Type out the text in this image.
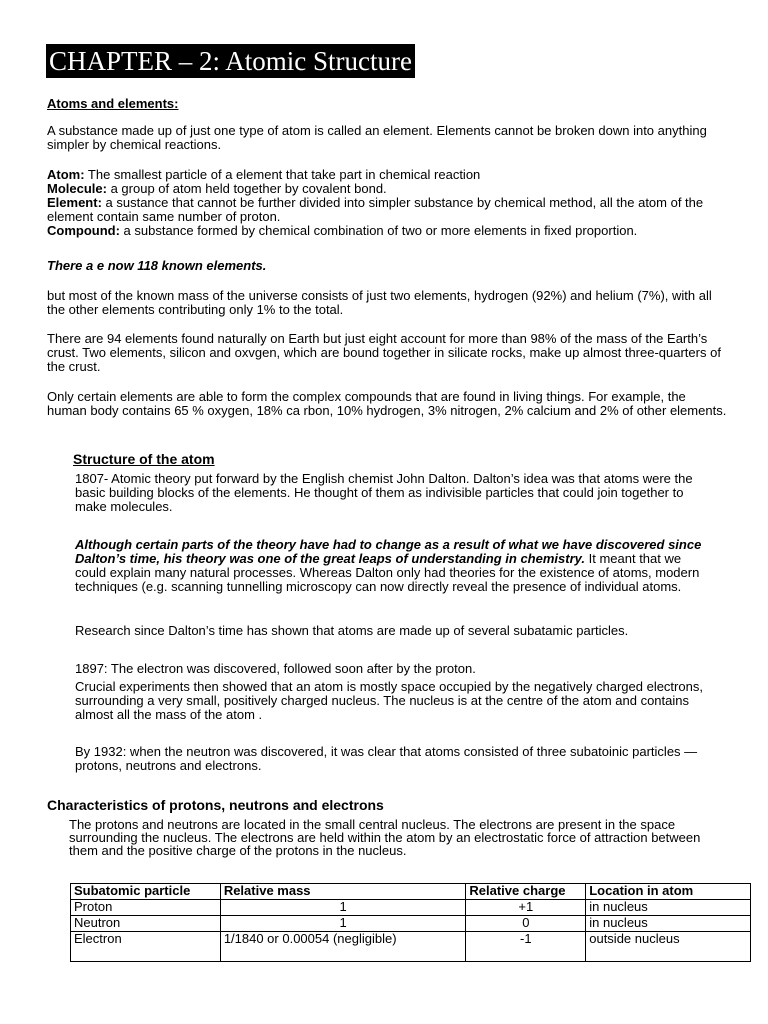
CHAPTER – 2: Atomic Structure
Atoms and elements:
A substance made up of just one type of atom is called an element. Elements cannot be broken down into anything simpler by chemical reactions.
Atom: The smallest particle of a element that take part in chemical reaction
Molecule: a group of atom held together by covalent bond.
Element: a sustance that cannot be further divided into simpler substance by chemical method, all the atom of the element contain same number of proton.
Compound: a substance formed by chemical combination of two or more elements in fixed proportion.
There a e now 118 known elements.
but most of the known mass of the universe consists of just two elements, hydrogen (92%) and helium (7%), with all the other elements contributing only 1% to the total.
There are 94 elements found naturally on Earth but just eight account for more than 98% of the mass of the Earth’s crust. Two elements, silicon and oxvgen, which are bound together in silicate rocks, make up almost three-quarters of the crust.
Only certain elements are able to form the complex compounds that are found in living things. For example, the human body contains 65 % oxygen, 18% ca rbon, 10% hydrogen, 3% nitrogen, 2% calcium and 2% of other elements.
Structure of the atom
1807- Atomic theory put forward by the English chemist John Dalton. Dalton’s idea was that atoms were the basic building blocks of the elements. He thought of them as indivisible particles that could join together to make molecules.
Although certain parts of the theory have had to change as a result of what we have discovered since Dalton’s time, his theory was one of the great leaps of understanding in chemistry. It meant that we could explain many natural processes. Whereas Dalton only had theories for the existence of atoms, modern techniques (e.g. scanning tunnelling microscopy can now directly reveal the presence of individual atoms.
Research since Dalton’s time has shown that atoms are made up of several subatamic particles.
1897: The electron was discovered, followed soon after by the proton.
Crucial experiments then showed that an atom is mostly space occupied by the negatively charged electrons, surrounding a very small, positively charged nucleus. The nucleus is at the centre of the atom and contains almost all the mass of the atom .
By 1932: when the neutron was discovered, it was clear that atoms consisted of three subatoinic particles — protons, neutrons and electrons.
Characteristics of protons, neutrons and electrons
The protons and neutrons are located in the small central nucleus. The electrons are present in the space surrounding the nucleus. The electrons are held within the atom by an electrostatic force of attraction between them and the positive charge of the protons in the nucleus.
Subatomic particle	Relative mass	Relative charge	Location in atom
Proton	1	+1	in nucleus
Neutron	1	0	in nucleus
Electron	1/1840 or 0.00054 (negligible)	-1	outside nucleus
